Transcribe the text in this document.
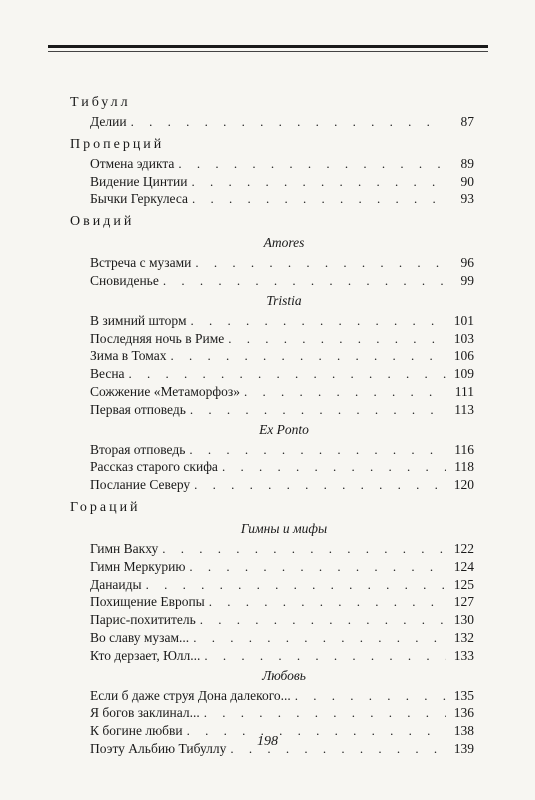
Тибулл
Делии . . .	87
Проперций
Отмена эдикта . . .	89
Видение Цинтии . . .	90
Бычки Геркулеса . . .	93
Овидий
Amores
Встреча с музами . . .	96
Сновиденье . . .	99
Tristia
В зимний шторм . . .	101
Последняя ночь в Риме . . .	103
Зима в Томах . . .	106
Весна . . .	109
Сожжение «Метаморфоз» . . .	111
Первая отповедь . . .	113
Ex Ponto
Вторая отповедь . . .	116
Рассказ старого скифа . . .	118
Послание Северу . . .	120
Гораций
Гимны и мифы
Гимн Вакху . . .	122
Гимн Меркурию . . .	124
Данаиды . . .	125
Похищение Европы . . .	127
Парис-похититель . . .	130
Во славу музам... . . .	132
Кто дерзает, Юлл... . . .	133
Любовь
Если б даже струя Дона далекого... . . .	135
Я богов заклинал... . . .	136
К богине любви . . .	138
Поэту Альбию Тибуллу . . .	139
198
